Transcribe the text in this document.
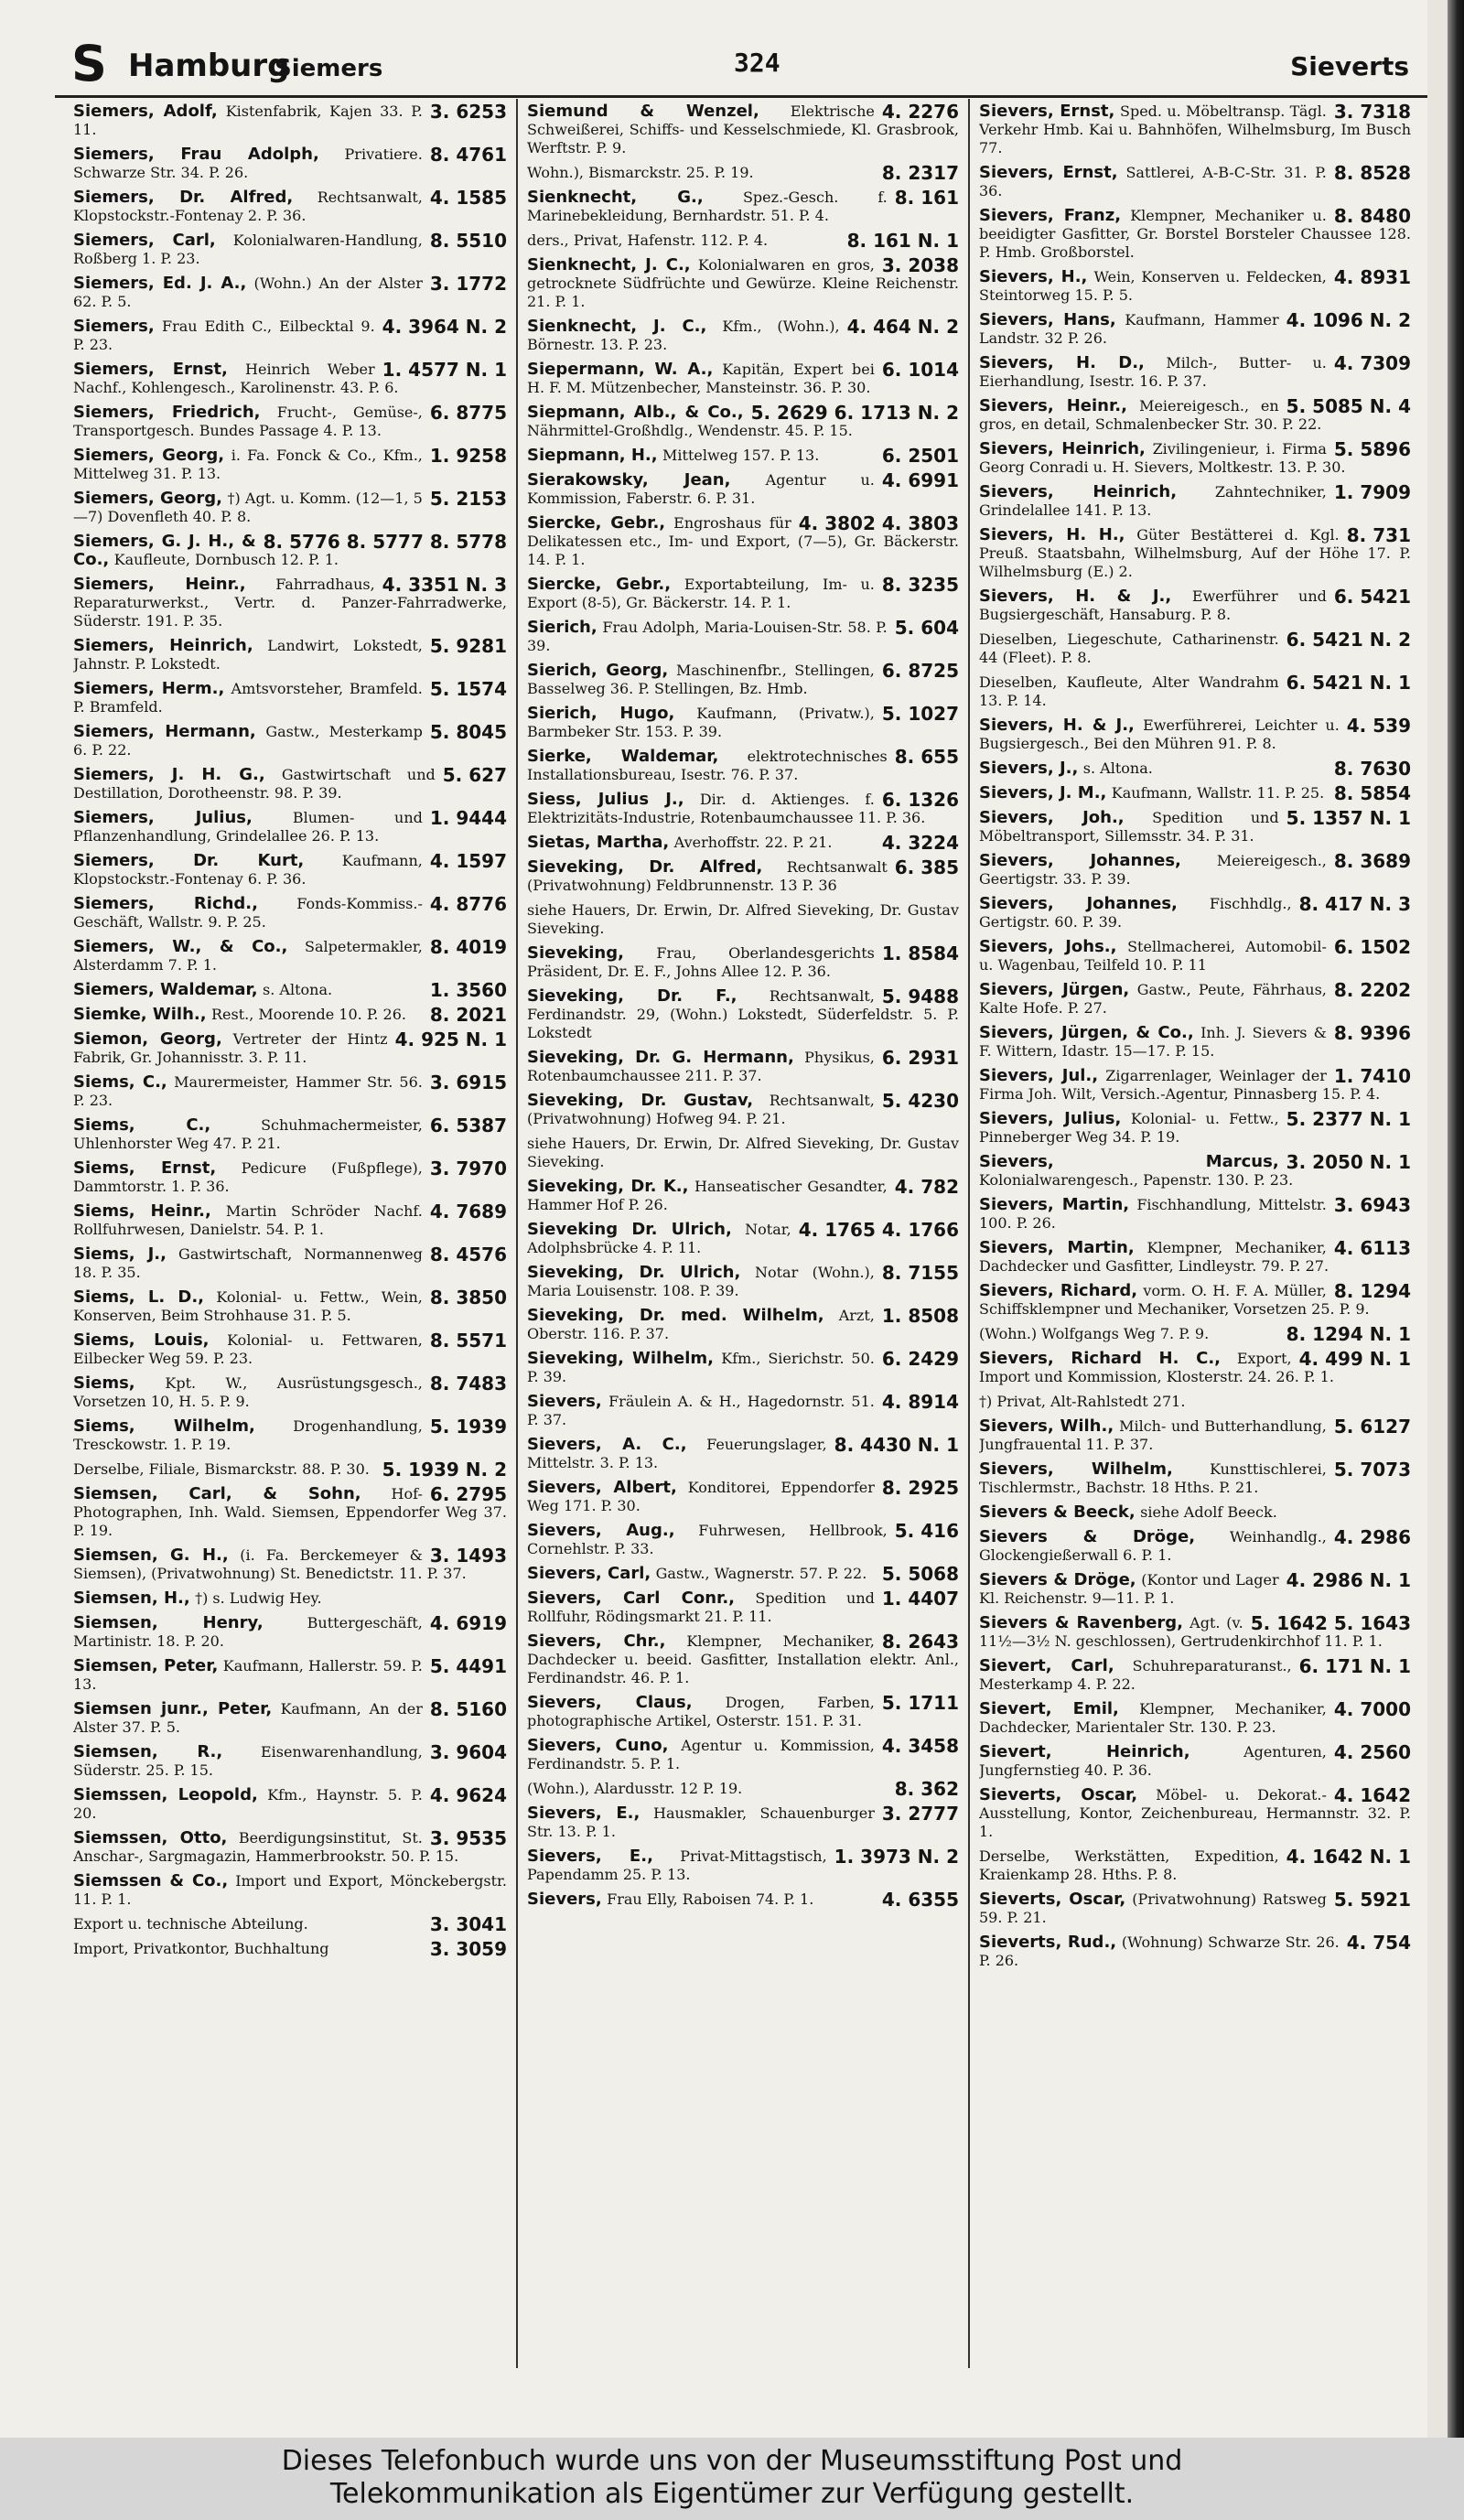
S Hamburg
Siemers	324	Sieverts
3. 6253
Siemers, Adolf, Kistenfabrik, Kajen 33. P. 11.
8. 4761
Siemers, Frau Adolph, Privatiere. Schwarze Str. 34. P. 26.
4. 1585
Siemers, Dr. Alfred, Rechtsanwalt, Klopstockstr.-Fontenay 2. P. 36.
8. 5510
Siemers, Carl, Kolonialwaren-Handlung, Roßberg 1. P. 23.
3. 1772
Siemers, Ed. J. A., (Wohn.) An der Alster 62. P. 5.
4. 3964 N. 2
Siemers, Frau Edith C., Eilbecktal 9. P. 23.
1. 4577 N. 1
Siemers, Ernst, Heinrich Weber Nachf., Kohlengesch., Karolinenstr. 43. P. 6.
6. 8775
Siemers, Friedrich, Frucht-, Gemüse-, Transportgesch. Bundes Passage 4. P. 13.
1. 9258
Siemers, Georg, i. Fa. Fonck & Co., Kfm., Mittelweg 31. P. 13.
5. 2153
Siemers, Georg, †) Agt. u. Komm. (12—1, 5—7) Dovenfleth 40. P. 8.
8. 5776 8. 5777 8. 5778
Siemers, G. J. H., & Co., Kaufleute, Dornbusch 12. P. 1.
4. 3351 N. 3
Siemers, Heinr., Fahrradhaus, Reparaturwerkst., Vertr. d. Panzer-Fahrradwerke, Süderstr. 191. P. 35.
5. 9281
Siemers, Heinrich, Landwirt, Lokstedt, Jahnstr. P. Lokstedt.
5. 1574
Siemers, Herm., Amtsvorsteher, Bramfeld. P. Bramfeld.
5. 8045
Siemers, Hermann, Gastw., Mesterkamp 6. P. 22.
5. 627
Siemers, J. H. G., Gastwirtschaft und Destillation, Dorotheenstr. 98. P. 39.
1. 9444
Siemers, Julius,	Blumen- und Pflanzenhandlung, Grindelallee 26. P. 13.
4. 1597
Siemers, Dr. Kurt,	Kaufmann, Klopstockstr.-Fontenay 6. P. 36.
4. 8776
Siemers, Richd.,	Fonds-Kommiss.-Geschäft, Wallstr. 9. P. 25.
8. 4019
Siemers, W., & Co., Salpetermakler, Alsterdamm 7. P. 1.
1. 3560
Siemers, Waldemar, s. Altona.
8. 2021
Siemke, Wilh., Rest., Moorende 10. P. 26.
4. 925 N. 1
Siemon, Georg, Vertreter der Hintz Fabrik, Gr. Johannisstr. 3. P. 11.
3. 6915
Siems, C., Maurermeister, Hammer Str. 56. P. 23.
6. 5387
Siems, C.,	Schuhmachermeister, Uhlenhorster Weg 47. P. 21.
3. 7970
Siems, Ernst, Pedicure (Fußpflege), Dammtorstr. 1. P. 36.
4. 7689
Siems, Heinr., Martin Schröder Nachf. Rollfuhrwesen, Danielstr. 54. P. 1.
8. 4576
Siems, J., Gastwirtschaft, Normannenweg 18. P. 35.
8. 3850
Siems, L. D., Kolonial- u. Fettw., Wein, Konserven, Beim Strohhause 31. P. 5.
8. 5571
Siems, Louis, Kolonial- u. Fettwaren, Eilbecker Weg 59. P. 23.
8. 7483
Siems, Kpt. W., Ausrüstungsgesch., Vorsetzen 10, H. 5. P. 9.
5. 1939
Siems, Wilhelm,	Drogenhandlung, Tresckowstr. 1. P. 19.
5. 1939 N. 2
Derselbe, Filiale, Bismarckstr. 88. P. 30.
6. 2795
Siemsen, Carl, & Sohn, Hof-Photographen, Inh. Wald. Siemsen, Eppendorfer Weg 37. P. 19.
3. 1493
Siemsen, G. H., (i. Fa. Berckemeyer & Siemsen), (Privatwohnung) St. Benedictstr. 11. P. 37.
Siemsen, H., †) s. Ludwig Hey.
4. 6919
Siemsen, Henry,	Buttergeschäft, Martinistr. 18. P. 20.
5. 4491
Siemsen, Peter, Kaufmann, Hallerstr. 59. P. 13.
8. 5160
Siemsen junr., Peter, Kaufmann, An der Alster 37. P. 5.
3. 9604
Siemsen, R.,	Eisenwarenhandlung, Süderstr. 25. P. 15.
4. 9624
Siemssen, Leopold, Kfm., Haynstr. 5. P. 20.
3. 9535
Siemssen, Otto, Beerdigungsinstitut, St. Anschar-, Sargmagazin, Hammerbrookstr. 50. P. 15.
Siemssen & Co., Import und Export, Mönckebergstr. 11. P. 1.
3. 3041
Export u. technische Abteilung.
3. 3059
Import, Privatkontor, Buchhaltung
4. 2276
Siemund & Wenzel, Elektrische Schweißerei, Schiffs- und Kesselschmiede, Kl. Grasbrook, Werftstr. P. 9.
8. 2317
Wohn.), Bismarckstr. 25. P. 19.
8. 161
Sienknecht, G.,	Spez.-Gesch. f. Marinebekleidung, Bernhardstr. 51. P. 4.
8. 161 N. 1
ders., Privat, Hafenstr. 112. P. 4.
3. 2038
Sienknecht, J. C., Kolonialwaren en gros, getrocknete Südfrüchte und Gewürze. Kleine Reichenstr. 21. P. 1.
4. 464 N. 2
Sienknecht, J. C., Kfm., (Wohn.), Börnestr. 13. P. 23.
6. 1014
Siepermann, W. A., Kapitän, Expert bei H. F. M. Mützenbecher, Mansteinstr. 36. P. 30.
5. 2629 6. 1713 N. 2
Siepmann, Alb., & Co., Nährmittel-Großhdlg., Wendenstr. 45. P. 15.
6. 2501
Siepmann, H., Mittelweg 157. P. 13.
4. 6991
Sierakowsky, Jean, Agentur u. Kommission, Faberstr. 6. P. 31.
4. 3802 4. 3803
Siercke, Gebr., Engroshaus für Delikatessen etc., Im- und Export, (7—5), Gr. Bäckerstr. 14. P. 1.
8. 3235
Siercke, Gebr., Exportabteilung, Im- u. Export (8-5), Gr. Bäckerstr. 14. P. 1.
5. 604
Sierich, Frau Adolph, Maria-Louisen-Str. 58. P. 39.
6. 8725
Sierich, Georg, Maschinenfbr., Stellingen, Basselweg 36. P. Stellingen, Bz. Hmb.
5. 1027
Sierich, Hugo, Kaufmann, (Privatw.), Barmbeker Str. 153. P. 39.
8. 655
Sierke, Waldemar, elektrotechnisches Installationsbureau, Isestr. 76. P. 37.
6. 1326
Siess, Julius J., Dir. d. Aktienges. f. Elektrizitäts-Industrie, Rotenbaumchaussee 11. P. 36.
4. 3224
Sietas, Martha, Averhoffstr. 22. P. 21.
6. 385
Sieveking, Dr. Alfred, Rechtsanwalt (Privatwohnung) Feldbrunnenstr. 13 P. 36
siehe Hauers, Dr. Erwin, Dr. Alfred Sieveking, Dr. Gustav Sieveking.
1. 8584
Sieveking, Frau, Oberlandesgerichts Präsident, Dr. E. F., Johns Allee 12. P. 36.
5. 9488
Sieveking, Dr. F., Rechtsanwalt, Ferdinandstr. 29, (Wohn.) Lokstedt, Süderfeldstr. 5. P. Lokstedt
6. 2931
Sieveking, Dr. G. Hermann, Physikus, Rotenbaumchaussee 211. P. 37.
5. 4230
Sieveking, Dr. Gustav, Rechtsanwalt, (Privatwohnung) Hofweg 94. P. 21.
siehe Hauers, Dr. Erwin, Dr. Alfred Sieveking, Dr. Gustav Sieveking.
4. 782
Sieveking, Dr. K., Hanseatischer Gesandter, Hammer Hof P. 26.
4. 1765 4. 1766
Sieveking Dr. Ulrich, Notar, Adolphsbrücke 4. P. 11.
8. 7155
Sieveking, Dr. Ulrich, Notar (Wohn.), Maria Louisenstr. 108. P. 39.
1. 8508
Sieveking, Dr. med. Wilhelm, Arzt, Oberstr. 116. P. 37.
6. 2429
Sieveking, Wilhelm, Kfm., Sierichstr. 50. P. 39.
4. 8914
Sievers, Fräulein A. & H., Hagedornstr. 51. P. 37.
8. 4430 N. 1
Sievers, A. C., Feuerungslager, Mittelstr. 3. P. 13.
8. 2925
Sievers, Albert, Konditorei, Eppendorfer Weg 171. P. 30.
5. 416
Sievers, Aug., Fuhrwesen, Hellbrook, Cornehlstr. P. 33.
5. 5068
Sievers, Carl, Gastw., Wagnerstr. 57. P. 22.
1. 4407
Sievers, Carl Conr., Spedition und Rollfuhr, Rödingsmarkt 21. P. 11.
8. 2643
Sievers, Chr., Klempner, Mechaniker, Dachdecker u. beeid. Gasfitter, Installation elektr. Anl., Ferdinandstr. 46. P. 1.
5. 1711
Sievers, Claus, Drogen, Farben, photographische Artikel, Osterstr. 151. P. 31.
4. 3458
Sievers, Cuno, Agentur u. Kommission, Ferdinandstr. 5. P. 1.
8. 362
(Wohn.), Alardusstr. 12 P. 19.
3. 2777
Sievers, E., Hausmakler, Schauenburger Str. 13. P. 1.
1. 3973 N. 2
Sievers, E., Privat-Mittagstisch, Papendamm 25. P. 13.
4. 6355
Sievers, Frau Elly, Raboisen 74. P. 1.
3. 7318
Sievers, Ernst, Sped. u. Möbeltransp. Tägl. Verkehr Hmb. Kai u. Bahnhöfen, Wilhelmsburg, Im Busch 77.
8. 8528
Sievers, Ernst, Sattlerei, A-B-C-Str. 31. P. 36.
8. 8480
Sievers, Franz, Klempner, Mechaniker u. beeidigter Gasfitter, Gr. Borstel Borsteler Chaussee 128. P. Hmb. Großborstel.
4. 8931
Sievers, H., Wein, Konserven u. Feldecken, Steintorweg 15. P. 5.
4. 1096 N. 2
Sievers, Hans, Kaufmann, Hammer Landstr. 32 P. 26.
4. 7309
Sievers, H. D., Milch-, Butter- u. Eierhandlung, Isestr. 16. P. 37.
5. 5085 N. 4
Sievers, Heinr., Meiereigesch., en gros, en detail, Schmalenbecker Str. 30. P. 22.
5. 5896
Sievers, Heinrich, Zivilingenieur, i. Firma Georg Conradi u. H. Sievers, Moltkestr. 13. P. 30.
1. 7909
Sievers, Heinrich,	Zahntechniker, Grindelallee 141. P. 13.
8. 731
Sievers, H. H., Güter Bestätterei d. Kgl. Preuß. Staatsbahn, Wilhelmsburg, Auf der Höhe 17. P. Wilhelmsburg (E.) 2.
6. 5421
Sievers, H. & J., Ewerführer und Bugsiergeschäft, Hansaburg. P. 8.
6. 5421 N. 2
Dieselben, Liegeschute, Catharinenstr. 44 (Fleet). P. 8.
6. 5421 N. 1
Dieselben, Kaufleute, Alter Wandrahm 13. P. 14.
4. 539
Sievers, H. & J., Ewerführerei, Leichter u. Bugsiergesch., Bei den Mühren 91. P. 8.
8. 7630
Sievers, J., s. Altona.
8. 5854
Sievers, J. M., Kaufmann, Wallstr. 11. P. 25.
5. 1357 N. 1
Sievers, Joh., Spedition und Möbeltransport, Sillemsstr. 34. P. 31.
8. 3689
Sievers, Johannes, Meiereigesch., Geertigstr. 33. P. 39.
8. 417 N. 3
Sievers, Johannes, Fischhdlg., Gertigstr. 60. P. 39.
6. 1502
Sievers, Johs., Stellmacherei, Automobil- u. Wagenbau, Teilfeld 10. P. 11
8. 2202
Sievers, Jürgen, Gastw., Peute, Fährhaus, Kalte Hofe. P. 27.
8. 9396
Sievers, Jürgen, & Co., Inh. J. Sievers & F. Wittern, Idastr. 15—17. P. 15.
1. 7410
Sievers, Jul., Zigarrenlager, Weinlager der Firma Joh. Wilt, Versich.-Agentur, Pinnasberg 15. P. 4.
5. 2377 N. 1
Sievers, Julius, Kolonial- u. Fettw., Pinneberger Weg 34. P. 19.
3. 2050 N. 1
Sievers, Marcus, Kolonialwarengesch., Papenstr. 130. P. 23.
3. 6943
Sievers, Martin, Fischhandlung, Mittelstr. 100. P. 26.
4. 6113
Sievers, Martin, Klempner, Mechaniker, Dachdecker und Gasfitter, Lindleystr. 79. P. 27.
8. 1294
Sievers, Richard, vorm. O. H. F. A. Müller, Schiffsklempner und Mechaniker, Vorsetzen 25. P. 9.
8. 1294 N. 1
(Wohn.) Wolfgangs Weg 7. P. 9.
4. 499 N. 1
Sievers, Richard H. C., Export, Import und Kommission, Klosterstr. 24. 26. P. 1.
†) Privat, Alt-Rahlstedt 271.
5. 6127
Sievers, Wilh., Milch- und Butterhandlung, Jungfrauental 11. P. 37.
5. 7073
Sievers, Wilhelm,	Kunsttischlerei, Tischlermstr., Bachstr. 18 Hths. P. 21.
Sievers & Beeck, siehe Adolf Beeck.
4. 2986
Sievers & Dröge, Weinhandlg., Glockengießerwall 6. P. 1.
4. 2986 N. 1
Sievers & Dröge, (Kontor und Lager Kl. Reichenstr. 9—11. P. 1.
5. 1642 5. 1643
Sievers & Ravenberg, Agt. (v. 11½—3½ N. geschlossen), Gertrudenkirchhof 11. P. 1.
6. 171 N. 1
Sievert, Carl, Schuhreparaturanst., Mesterkamp 4. P. 22.
4. 7000
Sievert, Emil, Klempner, Mechaniker, Dachdecker, Marientaler Str. 130. P. 23.
4. 2560
Sievert, Heinrich,	Agenturen, Jungfernstieg 40. P. 36.
4. 1642
Sieverts, Oscar, Möbel- u. Dekorat.-Ausstellung, Kontor, Zeichenbureau, Hermannstr. 32. P. 1.
4. 1642 N. 1
Derselbe, Werkstätten, Expedition, Kraienkamp 28. Hths. P. 8.
5. 5921
Sieverts, Oscar, (Privatwohnung) Ratsweg 59. P. 21.
4. 754
Sieverts, Rud., (Wohnung) Schwarze Str. 26. P. 26.
Dieses Telefonbuch wurde uns von der Museumsstiftung Post und
Telekommunikation als Eigentümer zur Verfügung gestellt.
